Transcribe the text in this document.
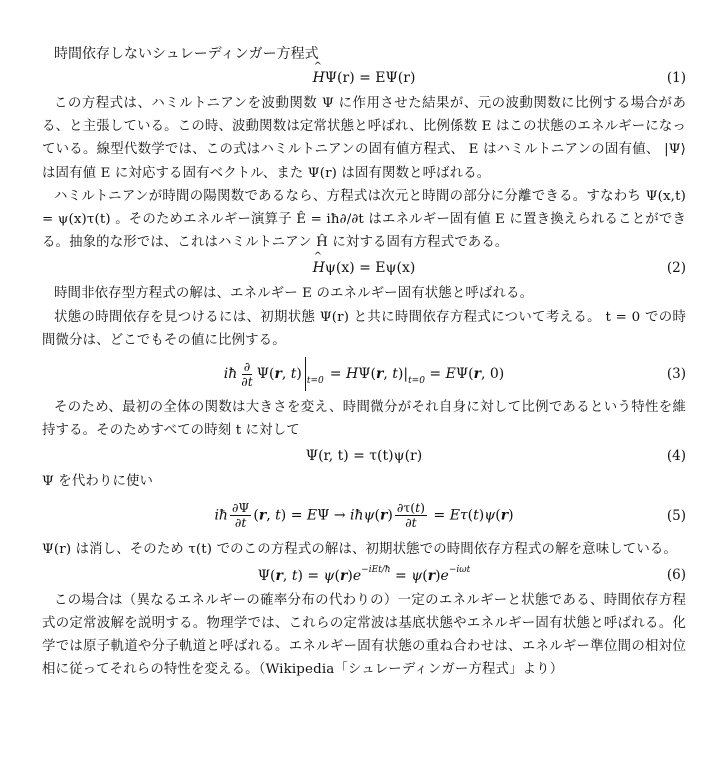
時間依存しないシュレーディンガー方程式
^ HΨ(r) = EΨ(r)	(1)

この方程式は、ハミルトニアンを波動関数 Ψ に作用させた結果が、元の波動関数に比例する場合がある、と主張している。この時、波動関数は定常状態と呼ばれ、比例係数 E はこの状態のエネルギーになっている。線型代数学では、この式はハミルトニアンの固有値方程式、 E はハミルトニアンの固有値、 |Ψ⟩ は固有値 E に対応する固有ベクトル、また Ψ(r) は固有関数と呼ばれる。

ハミルトニアンが時間の陽関数であるなら、方程式は次元と時間の部分に分離できる。すなわち Ψ(x,t) = ψ(x)τ(t) 。そのためエネルギー演算子 Ê = iħ∂/∂t はエネルギー固有値 E に置き換えられることができる。抽象的な形では、これはハミルトニアン Ĥ に対する固有方程式である。

^ Hψ(x) = Eψ(x)	(2)

時間非依存型方程式の解は、エネルギー E のエネルギー固有状態と呼ばれる。

状態の時間依存を見つけるには、初期状態 Ψ(r) と共に時間依存方程式について考える。 t = 0 での時間微分は、どこでもその値に比例する。

iħ $\frac{\partial}{\partial t} \Psi(r$, t) $_{t=0}$ = HΨ(r, $t)|_{t=0} = E\Psi(r$, 0)	(3)

そのため、最初の全体の関数は大きさを変え、時間微分がそれ自身に対して比例であるという特性を維持する。そのためすべての時刻 t に対して

Ψ(r, t) = τ(t)ψ(r)	(4)

Ψ を代わりに使い

iħ $\frac{\partial\Psi}{\partial t} (r$, t) = EΨ → iħψ(r) $\frac{\partial\tau(t)}{\partial t} = E\tau(t)\psi(r)$	(5)

Ψ(r) は消し、そのため τ(t) でのこの方程式の解は、初期状態での時間依存方程式の解を意味している。

Ψ(r, $t) = \psi(r)e^{-iEt/ħ} = \psi(r)e^{-i\omega t}$	(6)

この場合は（異なるエネルギーの確率分布の代わりの）一定のエネルギーと状態である、時間依存方程式の定常波解を説明する。物理学では、これらの定常波は基底状態やエネルギー固有状態と呼ばれる。化学では原子軌道や分子軌道と呼ばれる。エネルギー固有状態の重ね合わせは、エネルギー準位間の相対位相に従ってそれらの特性を変える。（Wikipedia「シュレーディンガー方程式」より）
